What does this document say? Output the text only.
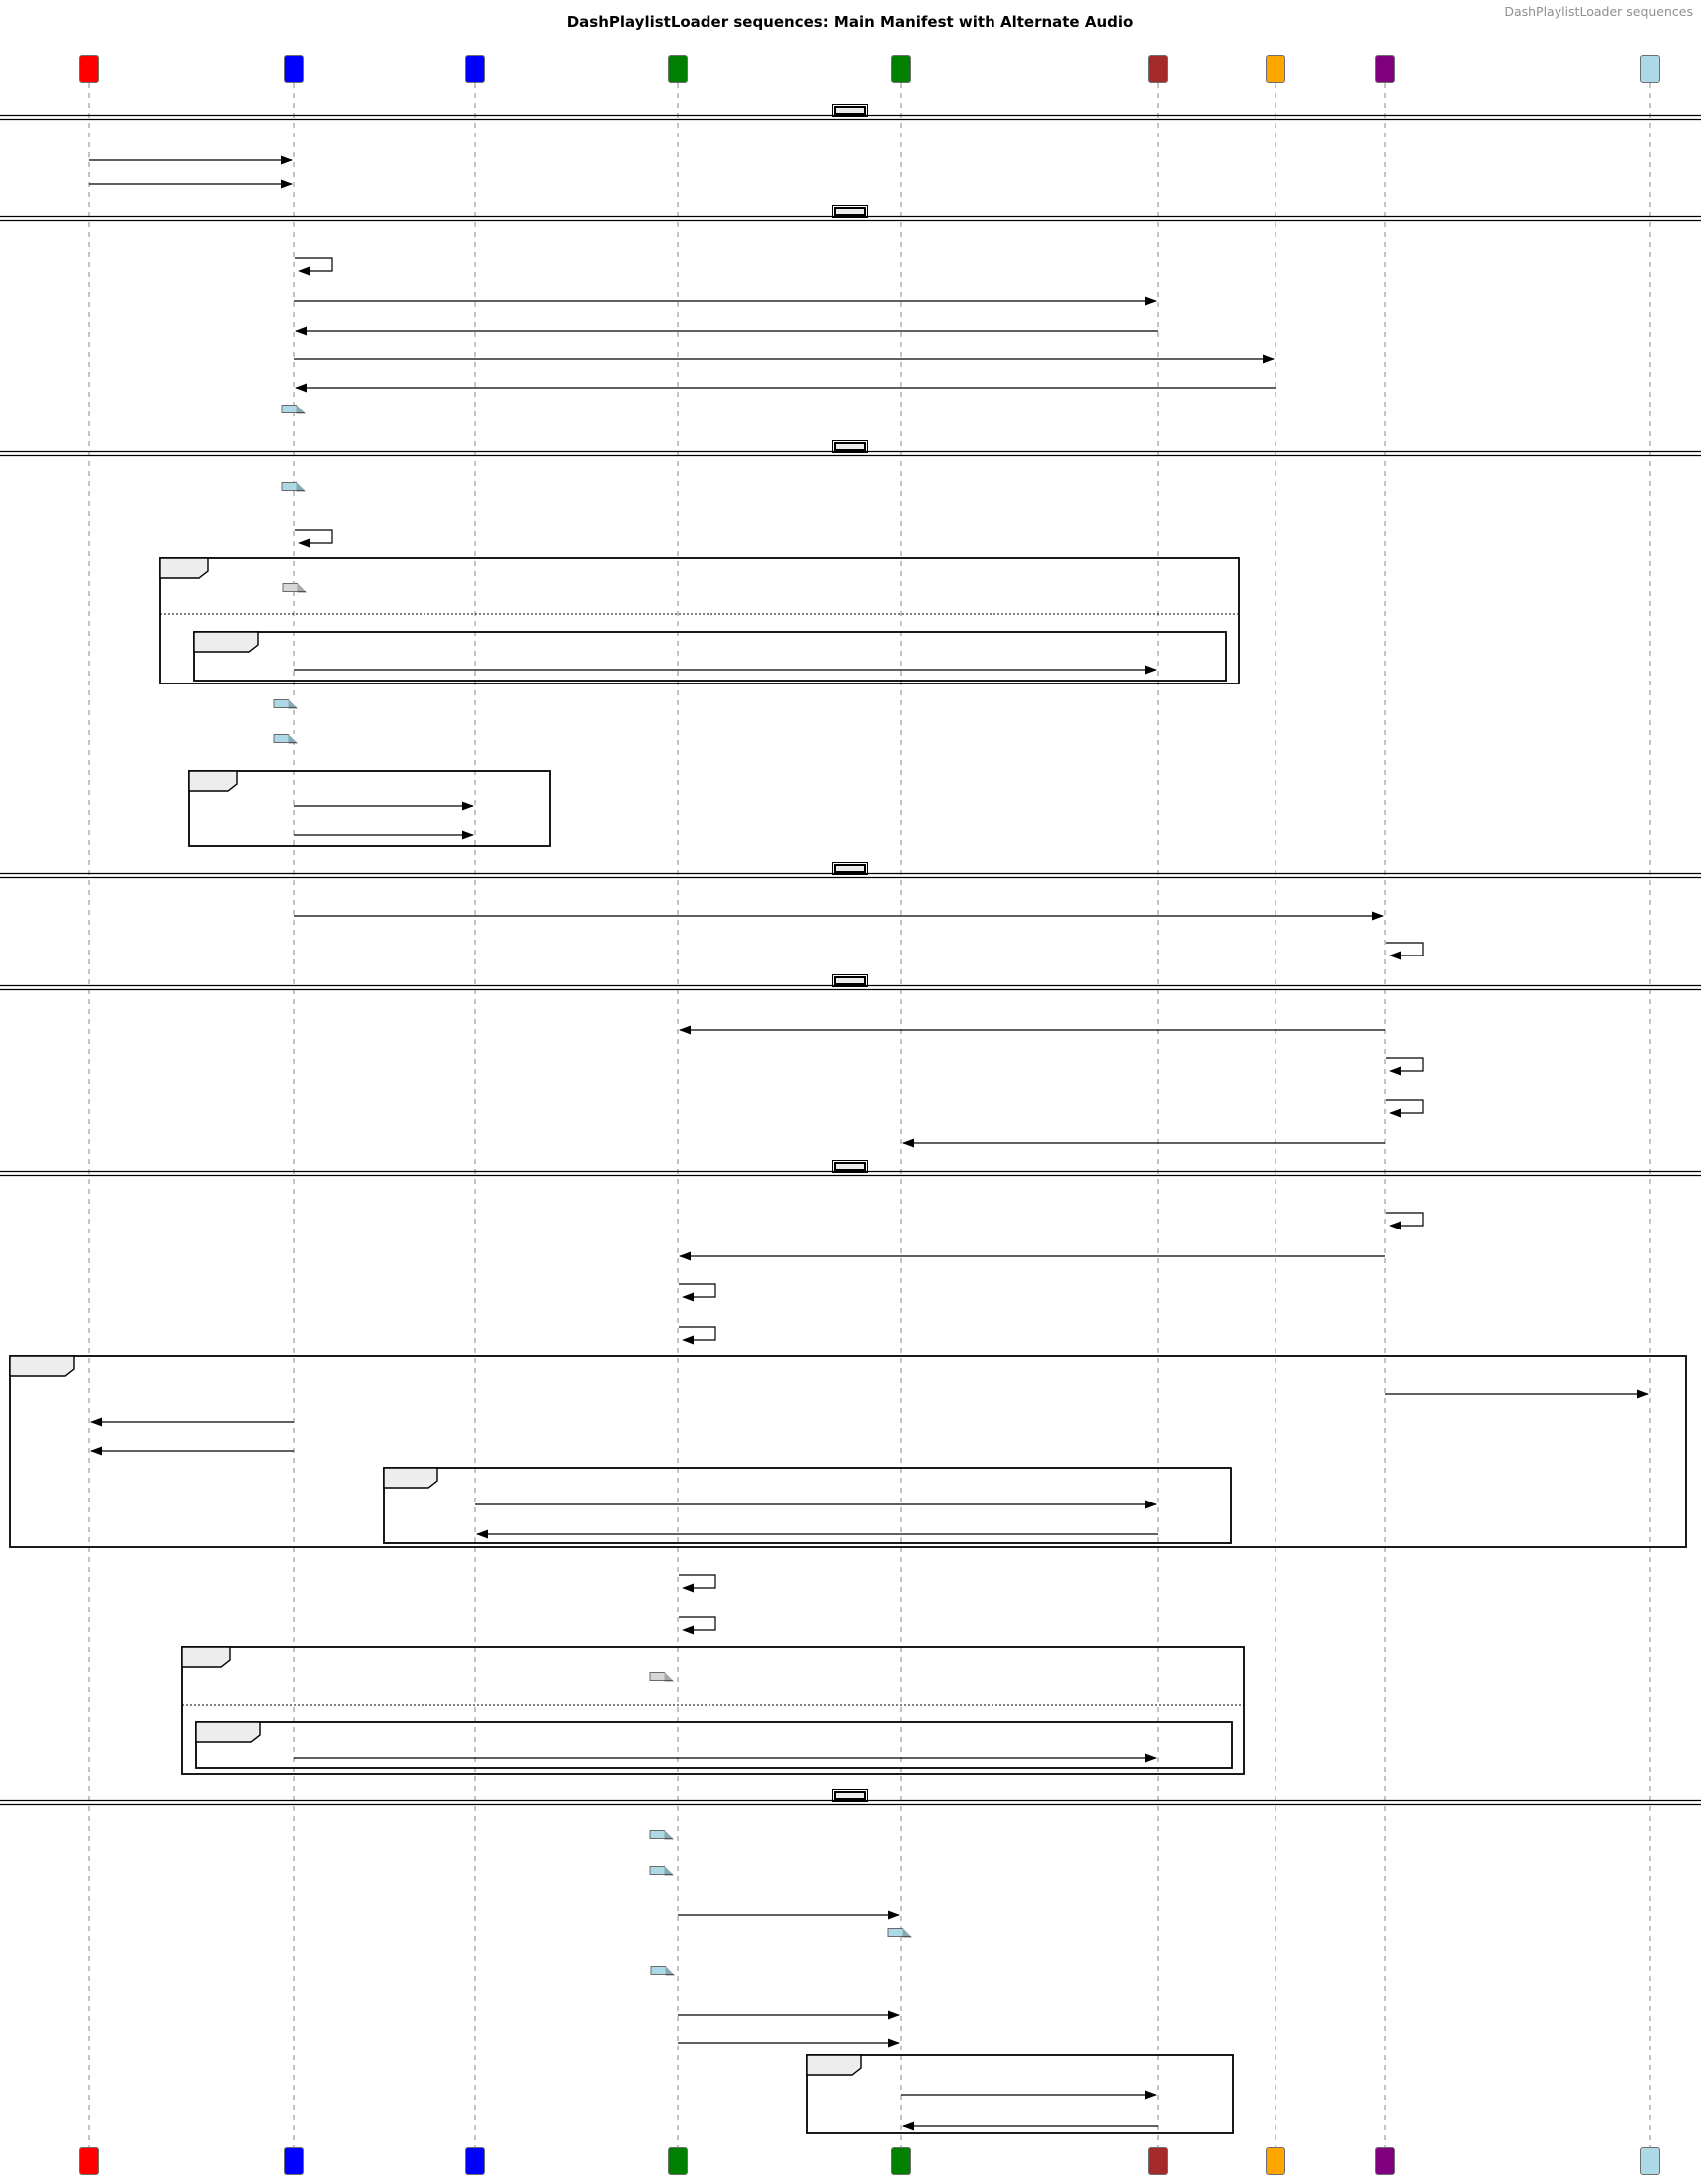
DashPlaylistLoader sequences
DashPlaylistLoader sequences: Main Manifest with Alternate Audio
